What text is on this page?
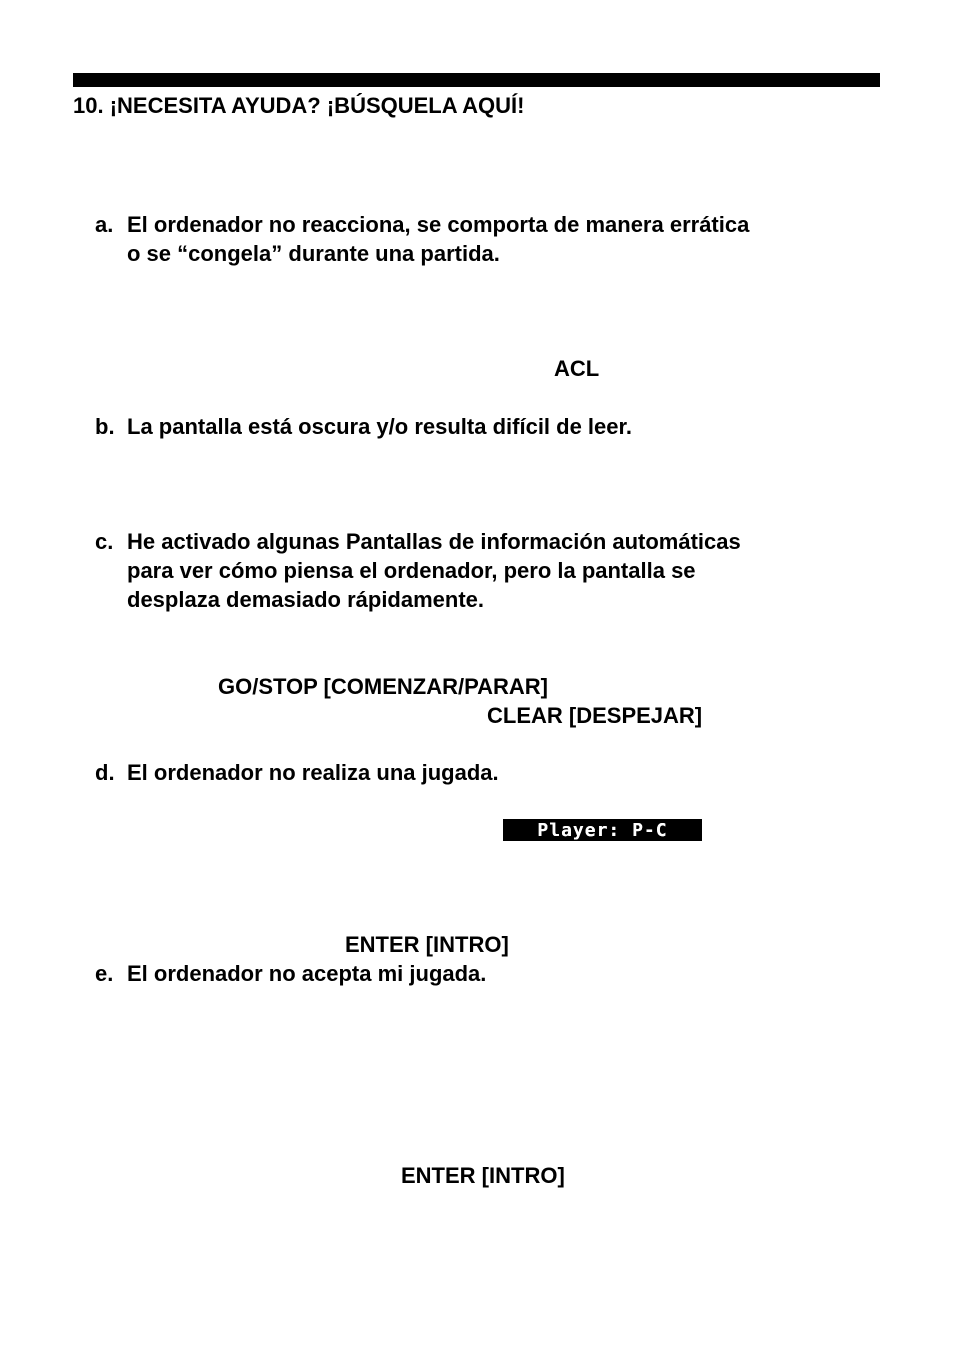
10. ¡NECESITA AYUDA? ¡BÚSQUELA AQUÍ!
a. El ordenador no reacciona, se comporta de manera errática
o se “congela” durante una partida.
ACL
b. La pantalla está oscura y/o resulta difícil de leer.
c. He activado algunas Pantallas de información automáticas
para ver cómo piensa el ordenador, pero la pantalla se
desplaza demasiado rápidamente.
GO/STOP [COMENZAR/PARAR]
CLEAR [DESPEJAR]
d. El ordenador no realiza una jugada.
Player: P-C
ENTER [INTRO]
e. El ordenador no acepta mi jugada.
ENTER [INTRO]
